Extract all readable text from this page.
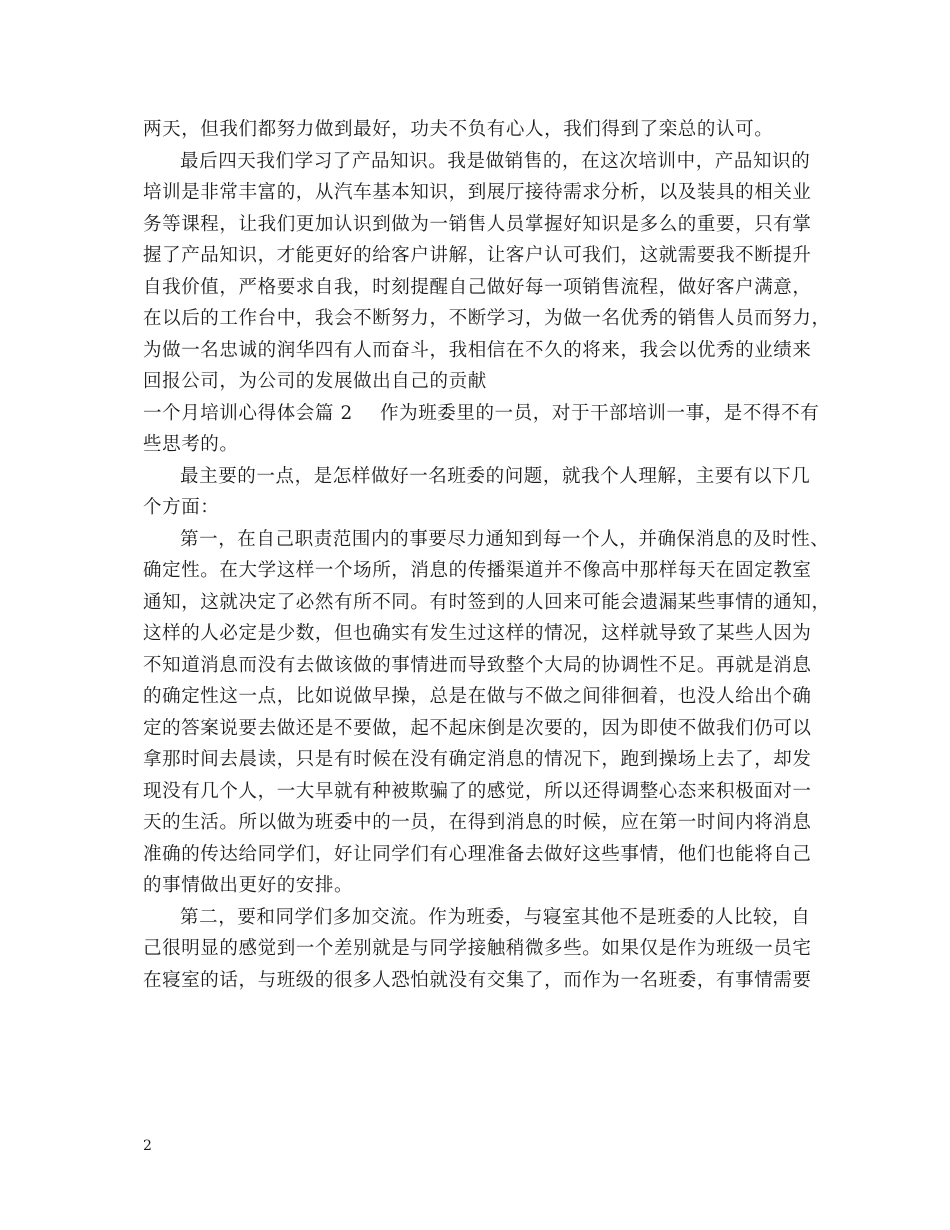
两天，但我们都努力做到最好，功夫不负有心人，我们得到了栾总的认可。
最后四天我们学习了产品知识。我是做销售的，在这次培训中，产品知识的
培训是非常丰富的，从汽车基本知识，到展厅接待需求分析，以及装具的相关业
务等课程，让我们更加认识到做为一销售人员掌握好知识是多么的重要，只有掌
握了产品知识，才能更好的给客户讲解，让客户认可我们，这就需要我不断提升
自我价值，严格要求自我，时刻提醒自己做好每一项销售流程，做好客户满意，
在以后的工作台中，我会不断努力，不断学习，为做一名优秀的销售人员而努力，
为做一名忠诚的润华四有人而奋斗，我相信在不久的将来，我会以优秀的业绩来
回报公司，为公司的发展做出自己的贡献
一个月培训心得体会篇 2 作为班委里的一员，对于干部培训一事，是不得不有
些思考的。
最主要的一点，是怎样做好一名班委的问题，就我个人理解，主要有以下几
个方面：
第一，在自己职责范围内的事要尽力通知到每一个人，并确保消息的及时性、
确定性。在大学这样一个场所，消息的传播渠道并不像高中那样每天在固定教室
通知，这就决定了必然有所不同。有时签到的人回来可能会遗漏某些事情的通知，
这样的人必定是少数，但也确实有发生过这样的情况，这样就导致了某些人因为
不知道消息而没有去做该做的事情进而导致整个大局的协调性不足。再就是消息
的确定性这一点，比如说做早操，总是在做与不做之间徘徊着，也没人给出个确
定的答案说要去做还是不要做，起不起床倒是次要的，因为即使不做我们仍可以
拿那时间去晨读，只是有时候在没有确定消息的情况下，跑到操场上去了，却发
现没有几个人，一大早就有种被欺骗了的感觉，所以还得调整心态来积极面对一
天的生活。所以做为班委中的一员，在得到消息的时候，应在第一时间内将消息
准确的传达给同学们，好让同学们有心理准备去做好这些事情，他们也能将自己
的事情做出更好的安排。
第二，要和同学们多加交流。作为班委，与寝室其他不是班委的人比较，自
己很明显的感觉到一个差别就是与同学接触稍微多些。如果仅是作为班级一员宅
在寝室的话，与班级的很多人恐怕就没有交集了，而作为一名班委，有事情需要
2
